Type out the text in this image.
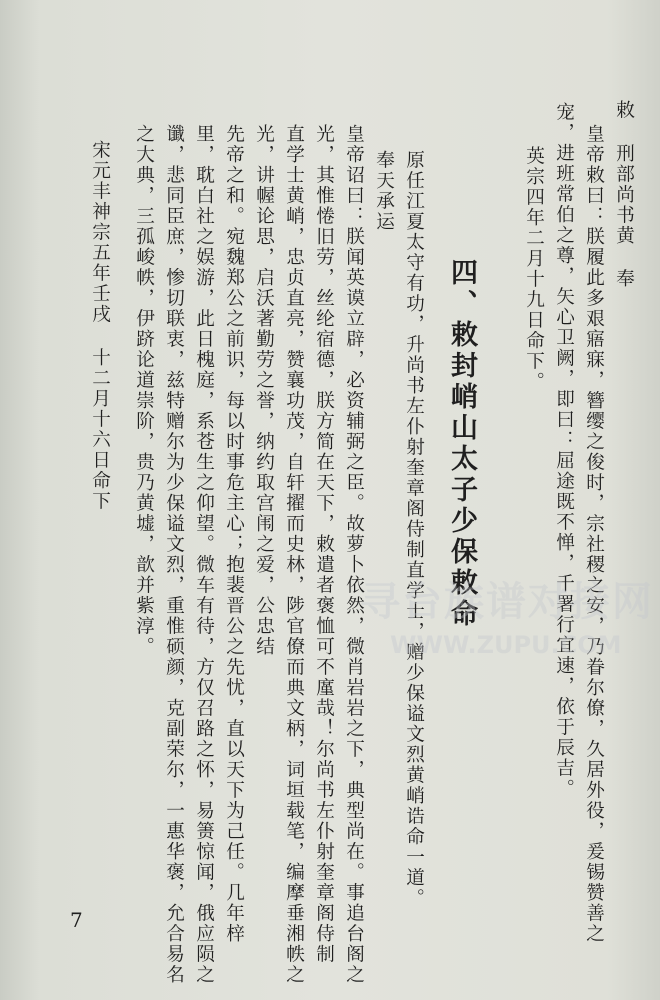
敕 刑部尚书黄 奉
皇帝敕曰：朕履此多艰寤寐，簪缨之俊时，宗社稷之安，乃眷尔僚，久居外役，爰锡赞善之
宠，进班常伯之尊，矢心卫阙，即曰：屈途既不惮，千署行宜速，依于辰吉。
英宗四年二月十九日命下。
四、敕封峭山太子少保敕命
原任江夏太守有功，升尚书左仆射奎章阁侍制直学士，赠少保谥文烈黄峭诰命一道。
奉天承运
皇帝诏曰：朕闻英谟立辟，必资辅弼之臣。故萝卜依然，微肖岩岩之下，典型尚在。事追台阁之
光，其惟惓旧劳，丝纶宿德，朕方简在天下，敕遣者褒恤可不廑哉！尔尚书左仆射奎章阁侍制
直学士黄峭，忠贞直亮，赞襄功茂，自轩擢而史林，陟官僚而典文柄，词垣载笔，编摩垂湘帙之
光，讲幄论思，启沃著勤劳之誉，纳约取宫闱之爱，公忠结
先帝之和。宛魏郑公之前识，每以时事危主心；抱裴晋公之先忧，直以天下为己任。几年梓
里，耽白社之娱游，此日槐庭，系苍生之仰望。微车有待，方仅召路之怀，易箦惊闻，俄应陨之
谶，悲同臣庶，惨切联衷，兹特赠尔为少保谥文烈，重惟硕颜，克副荣尔，一惠华褒，允合易名
之大典，三孤峻帙，伊跻论道崇阶，贵乃黄墟，歆并紫淳。
宋元丰神宗五年壬戌 十二月十六日命下
7
寻台族谱对接网
WWW.ZUPU.COM
